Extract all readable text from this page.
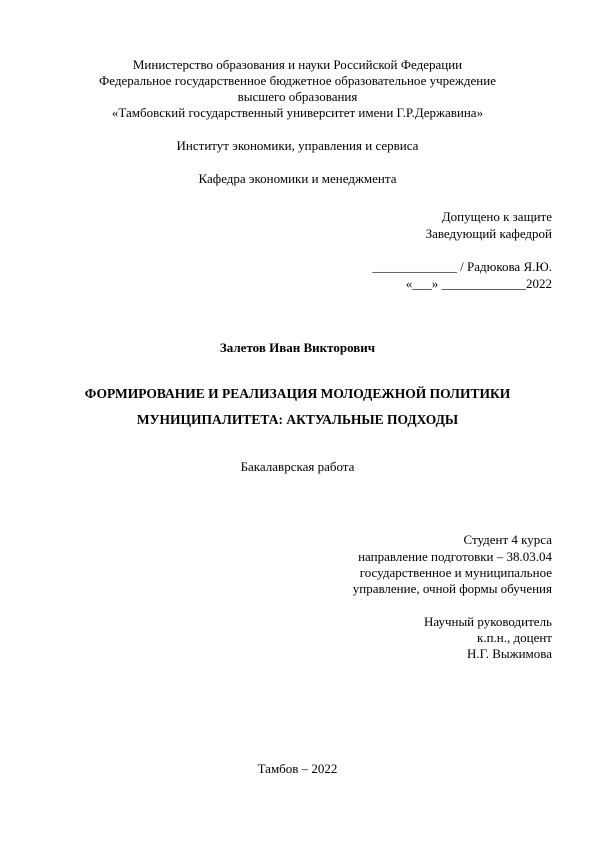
Министерство образования и науки Российской Федерации
Федеральное государственное бюджетное образовательное учреждение
высшего образования
«Тамбовский государственный университет имени Г.Р.Державина»
Институт экономики, управления и сервиса
Кафедра экономики и менеджмента
Допущено к защите
Заведующий кафедрой
_____________ / Радюкова Я.Ю.
«___» _____________2022
Залетов Иван Викторович
ФОРМИРОВАНИЕ И РЕАЛИЗАЦИЯ МОЛОДЕЖНОЙ ПОЛИТИКИ
МУНИЦИПАЛИТЕТА: АКТУАЛЬНЫЕ ПОДХОДЫ
Бакалаврская работа
Студент 4 курса
направление подготовки – 38.03.04
государственное и муниципальное
управление, очной формы обучения
Научный руководитель
к.п.н., доцент
Н.Г. Выжимова
Тамбов – 2022
